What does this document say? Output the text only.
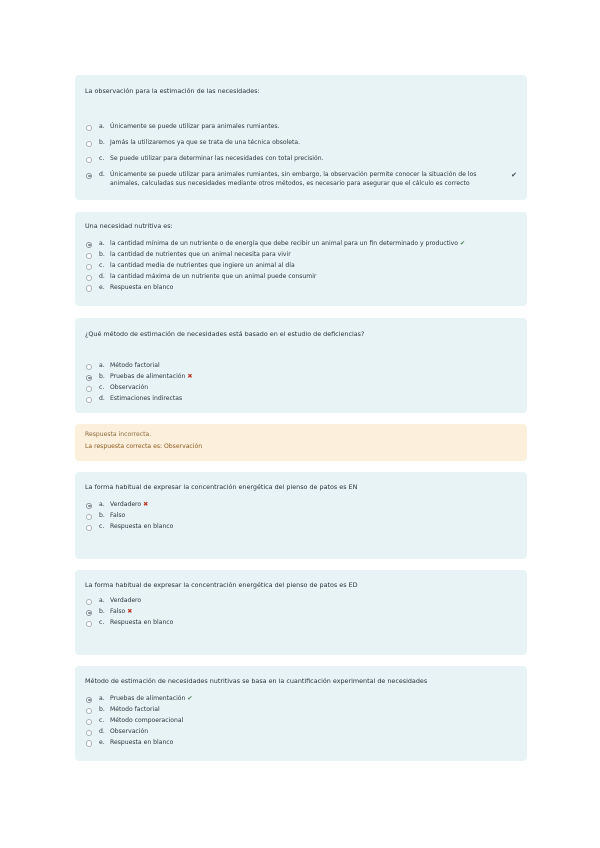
La observación para la estimación de las necesidades:
a. Únicamente se puede utilizar para animales rumiantes.
b. Jamás la utilizaremos ya que se trata de una técnica obsoleta.
c. Se puede utilizar para determinar las necesidades con total precisión.
d. Únicamente se puede utilizar para animales rumiantes, sin embargo, la observación permite conocer la situación de los animales, calculadas sus necesidades mediante otros métodos, es necesario para asegurar que el cálculo es correcto
✔
Una necesidad nutritiva es:
a. la cantidad mínima de un nutriente o de energía que debe recibir un animal para un fin determinado y productivo ✔
b. la cantidad de nutrientes que un animal necesita para vivir
c. la cantidad media de nutrientes que ingiere un animal al día
d. la cantidad máxima de un nutriente que un animal puede consumir
e. Respuesta en blanco
¿Qué método de estimación de necesidades está basado en el estudio de deficiencias?
a. Método factorial
b. Pruebas de alimentación ✖
c. Observación
d. Estimaciones indirectas
Respuesta incorrecta.
La respuesta correcta es: Observación
La forma habitual de expresar la concentración energética del pienso de patos es EN
a. Verdadero ✖
b. Falso
c. Respuesta en blanco
La forma habitual de expresar la concentración energética del pienso de patos es ED
a. Verdadero
b. Falso ✖
c. Respuesta en blanco
Método de estimación de necesidades nutritivas se basa en la cuantificación experimental de necesidades
a. Pruebas de alimentación ✔
b. Método factorial
c. Método compoeracional
d. Observación
e. Respuesta en blanco
